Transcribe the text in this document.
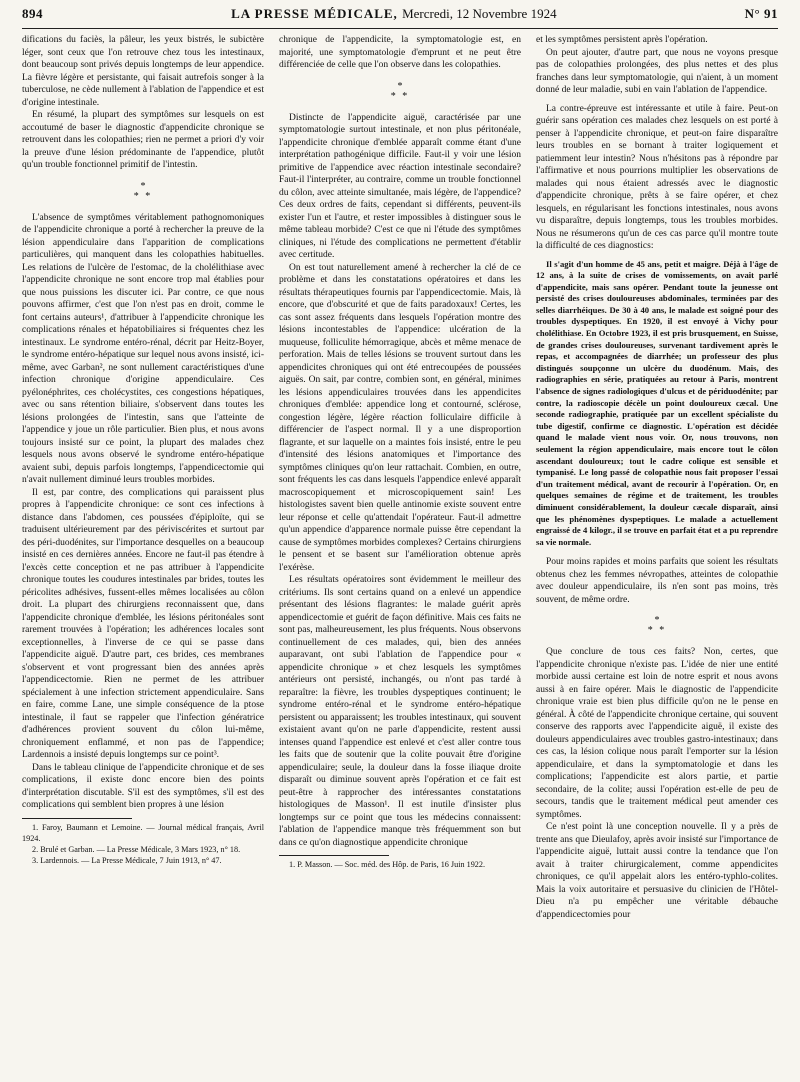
894	LA PRESSE MÉDICALE, Mercredi, 12 Novembre 1924	N° 91

difications du faciès, la pâleur, les yeux bistrés, le subictère léger, sont ceux que l'on retrouve chez tous les intestinaux, dont beaucoup sont privés depuis longtemps de leur appendice. La fièvre légère et persistante, qui faisait autrefois songer à la tuberculose, ne cède nullement à l'ablation de l'appendice et est d'origine intestinale.

En résumé, la plupart des symptômes sur lesquels on est accoutumé de baser le diagnostic d'appendicite chronique se retrouvent dans les colopathies; rien ne permet a priori d'y voir la preuve d'une lésion prédominante de l'appendice, plutôt qu'un trouble fonctionnel primitif de l'intestin.

*
* *

L'absence de symptômes véritablement pathognomoniques de l'appendicite chronique a porté à rechercher la preuve de la lésion appendiculaire dans l'apparition de complications particulières, qui manquent dans les colopathies habituelles. Les relations de l'ulcère de l'estomac, de la cholélithiase avec l'appendicite chronique ne sont encore trop mal établies pour que nous puissions les discuter ici. Par contre, ce que nous pouvons affirmer, c'est que l'on n'est pas en droit, comme le font certains auteurs¹, d'attribuer à l'appendicite chronique les complications rénales et hépatobiliaires si fréquentes chez les intestinaux. Le syndrome entéro-rénal, décrit par Heitz-Boyer, le syndrome entéro-hépatique sur lequel nous avons insisté, ici-même, avec Garban², ne sont nullement caractéristiques d'une infection chronique d'origine appendiculaire. Ces pyélonéphrites, ces cholécystites, ces congestions hépatiques, avec ou sans rétention biliaire, s'observent dans toutes les lésions prolongées de l'intestin, sans que l'atteinte de l'appendice y joue un rôle particulier. Bien plus, et nous avons toujours insisté sur ce point, la plupart des malades chez lesquels nous avons observé le syndrome entéro-hépatique avaient subi, depuis parfois longtemps, l'appendicectomie qui n'avait nullement diminué leurs troubles morbides.

Il est, par contre, des complications qui paraissent plus propres à l'appendicite chronique: ce sont ces infections à distance dans l'abdomen, ces poussées d'épiploïte, qui se traduisent ultérieurement par des périviscérites et surtout par des péri-duodénites, sur l'importance desquelles on a beaucoup insisté en ces dernières années. Encore ne faut-il pas étendre à l'excès cette conception et ne pas attribuer à l'appendicite chronique toutes les coudures intestinales par brides, toutes les péricolites adhésives, fussent-elles mêmes localisées au côlon droit. La plupart des chirurgiens reconnaissent que, dans l'appendicite chronique d'emblée, les lésions péritonéales sont rarement trouvées à l'opération; les adhérences locales sont exceptionnelles, à l'inverse de ce qui se passe dans l'appendicite aiguë. D'autre part, ces brides, ces membranes s'observent et vont progressant bien des années après l'appendicectomie. Rien ne permet de les attribuer spécialement à une infection strictement appendiculaire. Sans en faire, comme Lane, une simple conséquence de la ptose intestinale, il faut se rappeler que l'infection génératrice d'adhérences provient souvent du côlon lui-même, chroniquement enflammé, et non pas de l'appendice; Lardennois a insisté depuis longtemps sur ce point³.

Dans le tableau clinique de l'appendicite chronique et de ses complications, il existe donc encore bien des points d'interprétation discutable. S'il est des symptômes, s'il est des complications qui semblent bien propres à une lésion

1. Faroy, Baumann et Lemoine. — Journal médical français, Avril 1924.

2. Brulé et Garban. — La Presse Médicale, 3 Mars 1923, n° 18.

3. Lardennois. — La Presse Médicale, 7 Juin 1913, n° 47.

chronique de l'appendicite, la symptomatologie est, en majorité, une symptomatologie d'emprunt et ne peut être différenciée de celle que l'on observe dans les colopathies.

*
* *

Distincte de l'appendicite aiguë, caractérisée par une symptomatologie surtout intestinale, et non plus péritonéale, l'appendicite chronique d'emblée apparaît comme étant d'une interprétation pathogénique difficile. Faut-il y voir une lésion primitive de l'appendice avec réaction intestinale secondaire? Faut-il l'interpréter, au contraire, comme un trouble fonctionnel du côlon, avec atteinte simultanée, mais légère, de l'appendice? Ces deux ordres de faits, cependant si différents, peuvent-ils exister l'un et l'autre, et rester impossibles à distinguer sous le même tableau morbide? C'est ce que ni l'étude des symptômes cliniques, ni l'étude des complications ne permettent d'établir avec certitude.

On est tout naturellement amené à rechercher la clé de ce problème et dans les constatations opératoires et dans les résultats thérapeutiques fournis par l'appendicectomie. Mais, là encore, que d'obscurité et que de faits paradoxaux! Certes, les cas sont assez fréquents dans lesquels l'opération montre des lésions incontestables de l'appendice: ulcération de la muqueuse, folliculite hémorragique, abcès et même menace de perforation. Mais de telles lésions se trouvent surtout dans les appendicites chroniques qui ont été entrecoupées de poussées aiguës. On sait, par contre, combien sont, en général, minimes les lésions appendiculaires trouvées dans les appendicites chroniques d'emblée: appendice long et contourné, sclérose, congestion légère, légère réaction folliculaire difficile à différencier de l'aspect normal. Il y a une disproportion flagrante, et sur laquelle on a maintes fois insisté, entre le peu d'intensité des lésions anatomiques et l'importance des symptômes cliniques qu'on leur rattachait. Combien, en outre, sont fréquents les cas dans lesquels l'appendice enlevé apparaît macroscopiquement et microscopiquement sain! Les histologistes savent bien quelle antinomie existe souvent entre leur réponse et celle qu'attendait l'opérateur. Faut-il admettre qu'un appendice d'apparence normale puisse être cependant la cause de symptômes morbides complexes? Certains chirurgiens le pensent et se basent sur l'amélioration obtenue après l'exérèse.

Les résultats opératoires sont évidemment le meilleur des critériums. Ils sont certains quand on a enlevé un appendice présentant des lésions flagrantes: le malade guérit après appendicectomie et guérit de façon définitive. Mais ces faits ne sont pas, malheureusement, les plus fréquents. Nous observons continuellement de ces malades, qui, bien des années auparavant, ont subi l'ablation de l'appendice pour « appendicite chronique » et chez lesquels les symptômes antérieurs ont persisté, inchangés, ou n'ont pas tardé à reparaître: la fièvre, les troubles dyspeptiques continuent; le syndrome entéro-rénal et le syndrome entéro-hépatique persistent ou apparaissent; les troubles intestinaux, qui souvent existaient avant qu'on ne parle d'appendicite, restent aussi intenses quand l'appendice est enlevé et c'est aller contre tous les faits que de soutenir que la colite pouvait être d'origine appendiculaire; seule, la douleur dans la fosse iliaque droite disparaît ou diminue souvent après l'opération et ce fait est peut-être à rapprocher des intéressantes constatations histologiques de Masson¹. Il est inutile d'insister plus longtemps sur ce point que tous les médecins connaissent: l'ablation de l'appendice manque très fréquemment son but dans ce qu'on diagnostique appendicite chronique

1. P. Masson. — Soc. méd. des Hôp. de Paris, 16 Juin 1922.

et les symptômes persistent après l'opération.

On peut ajouter, d'autre part, que nous ne voyons presque pas de colopathies prolongées, des plus nettes et des plus franches dans leur symptomatologie, qui n'aient, à un moment donné de leur maladie, subi en vain l'ablation de l'appendice.

La contre-épreuve est intéressante et utile à faire. Peut-on guérir sans opération ces malades chez lesquels on est porté à penser à l'appendicite chronique, et peut-on faire disparaître leurs troubles en se bornant à traiter logiquement et patiemment leur intestin? Nous n'hésitons pas à répondre par l'affirmative et nous pourrions multiplier les observations de malades qui nous étaient adressés avec le diagnostic d'appendicite chronique, prêts à se faire opérer, et chez lesquels, en régularisant les fonctions intestinales, nous avons vu disparaître, depuis longtemps, tous les troubles morbides. Nous ne résumerons qu'un de ces cas parce qu'il montre toute la difficulté de ces diagnostics:

Il s'agit d'un homme de 45 ans, petit et maigre. Déjà à l'âge de 12 ans, à la suite de crises de vomissements, on avait parlé d'appendicite, mais sans opérer. Pendant toute la jeunesse ont persisté des crises douloureuses abdominales, terminées par des selles diarrhéiques. De 30 à 40 ans, le malade est soigné pour des troubles dyspeptiques. En 1920, il est envoyé à Vichy pour cholélithiase. En Octobre 1923, il est pris brusquement, en Suisse, de grandes crises douloureuses, survenant tardivement après le repas, et accompagnées de diarrhée; un professeur des plus distingués soupçonne un ulcère du duodénum. Mais, des radiographies en série, pratiquées au retour à Paris, montrent l'absence de signes radiologiques d'ulcus et de périduodénite; par contre, la radioscopie décèle un point douloureux cæcal. Une seconde radiographie, pratiquée par un excellent spécialiste du tube digestif, confirme ce diagnostic. L'opération est décidée quand le malade vient nous voir. Or, nous trouvons, non seulement la région appendiculaire, mais encore tout le côlon ascendant douloureux; tout le cadre colique est sensible et tympanisé. Le long passé de colopathie nous fait proposer l'essai d'un traitement médical, avant de recourir à l'opération. Or, en quelques semaines de régime et de traitement, les troubles diminuent considérablement, la douleur cæcale disparaît, ainsi que les phénomènes dyspeptiques. Le malade a actuellement engraissé de 4 kilogr., il se trouve en parfait état et a pu reprendre sa vie normale.

Pour moins rapides et moins parfaits que soient les résultats obtenus chez les femmes névropathes, atteintes de colopathie avec douleur appendiculaire, ils n'en sont pas moins, très souvent, de même ordre.

*
* *

Que conclure de tous ces faits? Non, certes, que l'appendicite chronique n'existe pas. L'idée de nier une entité morbide aussi certaine est loin de notre esprit et nous avons aussi à en faire opérer. Mais le diagnostic de l'appendicite chronique vraie est bien plus difficile qu'on ne le pense en général. À côté de l'appendicite chronique certaine, qui souvent conserve des rapports avec l'appendicite aiguë, il existe des douleurs appendiculaires avec troubles gastro-intestinaux; dans ces cas, la lésion colique nous paraît l'emporter sur la lésion appendiculaire, et dans la symptomatologie et dans les complications; l'appendicite est alors partie, et partie secondaire, de la colite; aussi l'opération est-elle de peu de secours, tandis que le traitement médical peut amender ces symptômes.

Ce n'est point là une conception nouvelle. Il y a près de trente ans que Dieulafoy, après avoir insisté sur l'importance de l'appendicite aiguë, luttait aussi contre la tendance que l'on avait à traiter chirurgicalement, comme appendicites chroniques, ce qu'il appelait alors les entéro-typhlo-colites. Mais la voix autoritaire et persuasive du clinicien de l'Hôtel-Dieu n'a pu empêcher une véritable débauche d'appendicectomies pour
